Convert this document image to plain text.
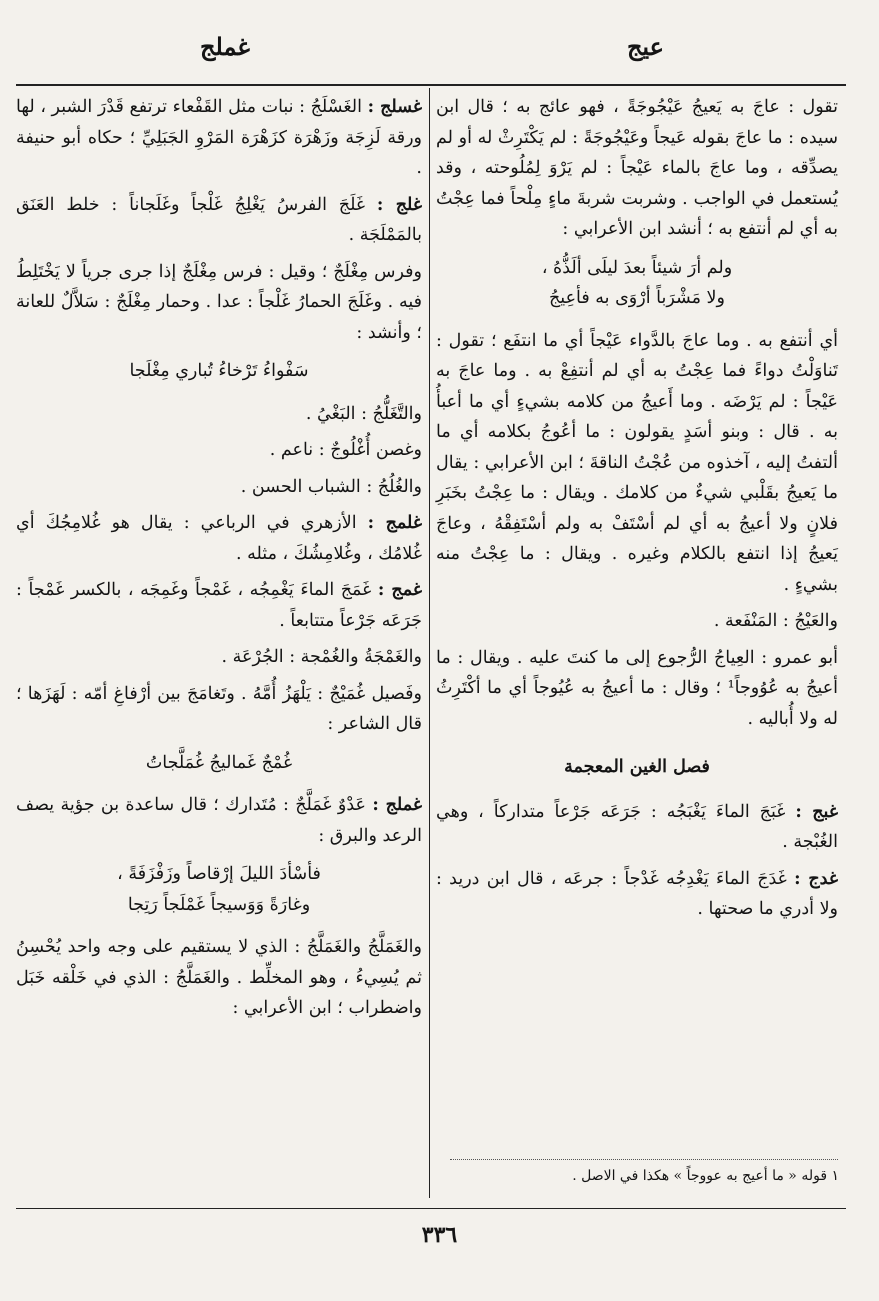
عيج
غملج

تقول : عاجَ به يَعيجُ عَيْجُوجَةً ، فهو عائج به ؛ قال ابن سيده : ما عاجَ بقوله عَيجاً وعَيْجُوجَةً : لم يَكْتَرِثْ له أو لم يصدِّقه ، وما عاجَ بالماء عَيْجاً : لم يَرْوَ لِمُلُوحته ، وقد يُستعمل في الواجب . وشربت شربةَ ماءٍ مِلْحاً فما عِجْتُ به أي لم أنتفع به ؛ أنشد ابن الأعرابي :

ولم أرَ شيئاً بعدَ ليلَى ألَذُّهُ ،
ولا مَشْرَباً أرْوَى به فأعِيجُ

أي أنتفع به . وما عاجَ بالدَّواء عَيْجاً أي ما انتفَع ؛ تقول : تَناوَلْتُ دواءً فما عِجْتُ به أي لم أنتفِعْ به . وما عاجَ به عَيْجاً : لم يَرْضَه . وما أَعيجُ من كلامه بشيءٍ أي ما أعبأُ به . قال : وبنو أسَدٍ يقولون : ما أعُوجُ بكلامه أي ما ألتفتُ إليه ، آخذوه من عُجْتُ الناقةَ ؛ ابن الأعرابي : يقال ما يَعيجُ بقَلْبي شيءٌ من كلامك . ويقال : ما عِجْتُ بخَبَرِ فلانٍ ولا أعيجُ به أي لم أسْتَفْ به ولم أسْتَفِقْهُ ، وعاجَ يَعيجُ إذا انتفع بالكلام وغيره . ويقال : ما عِجْتُ منه بشيءٍ .

والعَيْجُ : المَنْفَعة .

أبو عمرو : العِياجُ الرُّجوع إلى ما كنتَ عليه . ويقال : ما أعيجُ به عُوُوجاً¹ ؛ وقال : ما أعيجُ به عُيُوجاً أي ما أكْتَرِثُ له ولا أُباليه .

فصل الغين المعجمة

غبج : غَبَجَ الماءَ يَغْبَجُه : جَرَعَه جَرْعاً متداركاً ، وهي الغُبْجة .

غدج : غَدَجَ الماءَ يَغْدِجُه غَدْجاً : جرعَه ، قال ابن دريد : ولا أدري ما صحتها .

غسلج : الغَسْلَجُ : نبات مثل القَفْعاء ترتفع قَدْرَ الشبر ، لها ورقة لَزِجَة وزَهْرَة كزَهْرَة المَرْوِ الجَبَلِيِّ ؛ حكاه أبو حنيفة .

غلج : غَلَجَ الفرسُ يَغْلِجُ غَلْجاً وغَلَجاناً : خلط العَنَق بالمَمْلَجَة .

وفرس مِغْلَجٌ ؛ وقيل : فرس مِغْلَجٌ إذا جرى جرياً لا يَخْتَلِطُ فيه . وغَلَجَ الحمارُ غَلْجاً : عدا . وحمار مِغْلَجٌ : سَلاَّلٌ للعانة ؛ وأنشد :

سَفْواءُ تَرْخاءُ تُباري مِغْلَجا

والتَّغَلُّجُ : البَغْيُ .

وغصن أُغْلُوجٌ : ناعم .

والغُلُجُ : الشباب الحسن .

غلمج : الأزهري في الرباعي : يقال هو غُلامِجُكَ أي غُلامُك ، وغُلامِشُكَ ، مثله .

غمج : غَمَجَ الماءَ يَغْمِجُه ، غَمْجاً وغَمِجَه ، بالكسر غَمْجاً : جَرَعَه جَرْعاً متتابعاً .

والغَمْجَةُ والغُمْجة : الجُرْعَة .

وفَصيل غُمَيْجٌ : يَلْهَزُ أُمَّهُ . وتَغامَجَ بين أرْفاغِ أمّه : لَهَزَها ؛ قال الشاعر :

غُمْجٌ غَماليجُ غُمَلَّجاتُ

غملج : عَدْوٌ غَمَلَّجٌ : مُتَدارك ؛ قال ساعدة بن جؤية يصف الرعد والبرق :

فأسْأدَ الليلَ إرْقاصاً وزَفْزَفَةً ،
وغارَةً وَوَسيجاً غَمْلَجاً رَتِجا

والغَمَلَّجُ والغَمَلَّجُ : الذي لا يستقيم على وجه واحد يُحْسِنُ ثم يُسِيءُ ، وهو المخلِّط . والغَمَلَّجُ : الذي في خَلْقه خَبَل واضطراب ؛ ابن الأعرابي :

١ قوله « ما أعيج به عووجاً » هكذا في الاصل .
٣٣٦
